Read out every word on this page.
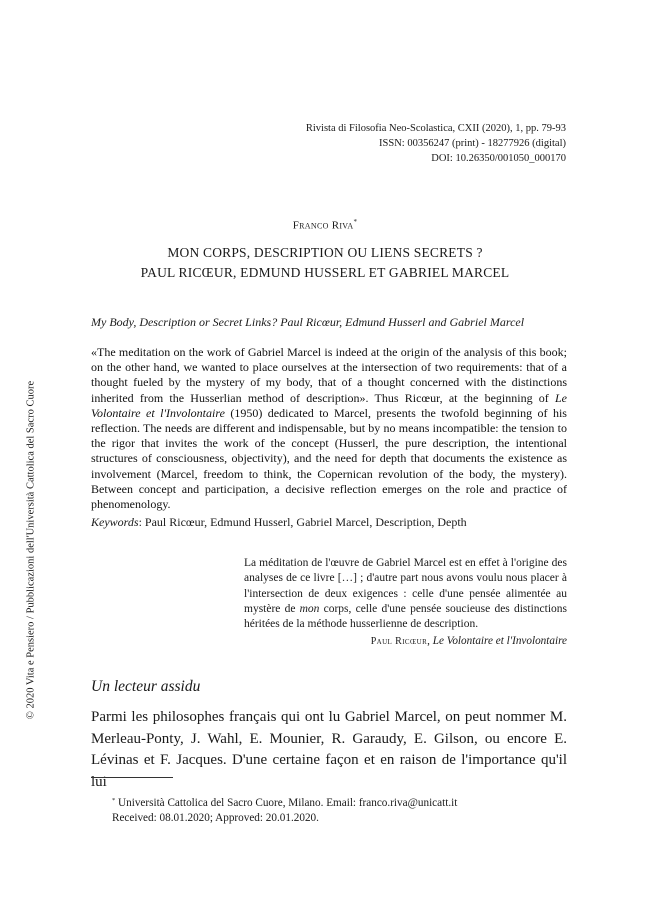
Rivista di Filosofia Neo-Scolastica, CXII (2020), 1, pp. 79-93
ISSN: 00356247 (print) - 18277926 (digital)
DOI: 10.26350/001050_000170
Franco Riva*
MON CORPS, DESCRIPTION OU LIENS SECRETS ?
PAUL RICŒUR, EDMUND HUSSERL ET GABRIEL MARCEL
My Body, Description or Secret Links? Paul Ricœur, Edmund Husserl and Gabriel Marcel
«The meditation on the work of Gabriel Marcel is indeed at the origin of the analysis of this book; on the other hand, we wanted to place ourselves at the intersection of two requirements: that of a thought fueled by the mystery of my body, that of a thought concerned with the distinctions inherited from the Husserlian method of description». Thus Ricœur, at the beginning of Le Volontaire et l'Involontaire (1950) dedicated to Marcel, presents the twofold beginning of his reflection. The needs are different and indispensable, but by no means incompatible: the tension to the rigor that invites the work of the concept (Husserl, the pure description, the intentional structures of consciousness, objectivity), and the need for depth that documents the existence as involvement (Marcel, freedom to think, the Copernican revolution of the body, the mystery). Between concept and participation, a decisive reflection emerges on the role and practice of phenomenology.
Keywords: Paul Ricœur, Edmund Husserl, Gabriel Marcel, Description, Depth
La méditation de l'œuvre de Gabriel Marcel est en effet à l'origine des analyses de ce livre […] ; d'autre part nous avons voulu nous placer à l'intersection de deux exigences : celle d'une pensée alimentée au mystère de mon corps, celle d'une pensée soucieuse des distinctions héritées de la méthode husserlienne de description.
Paul Ricœur, Le Volontaire et l'Involontaire
Un lecteur assidu
Parmi les philosophes français qui ont lu Gabriel Marcel, on peut nommer M. Merleau-Ponty, J. Wahl, E. Mounier, R. Garaudy, E. Gilson, ou encore E. Lévinas et F. Jacques. D'une certaine façon et en raison de l'importance qu'il lui
* Università Cattolica del Sacro Cuore, Milano. Email: franco.riva@unicatt.it
Received: 08.01.2020; Approved: 20.01.2020.
© 2020 Vita e Pensiero / Pubblicazioni dell'Università Cattolica del Sacro Cuore
